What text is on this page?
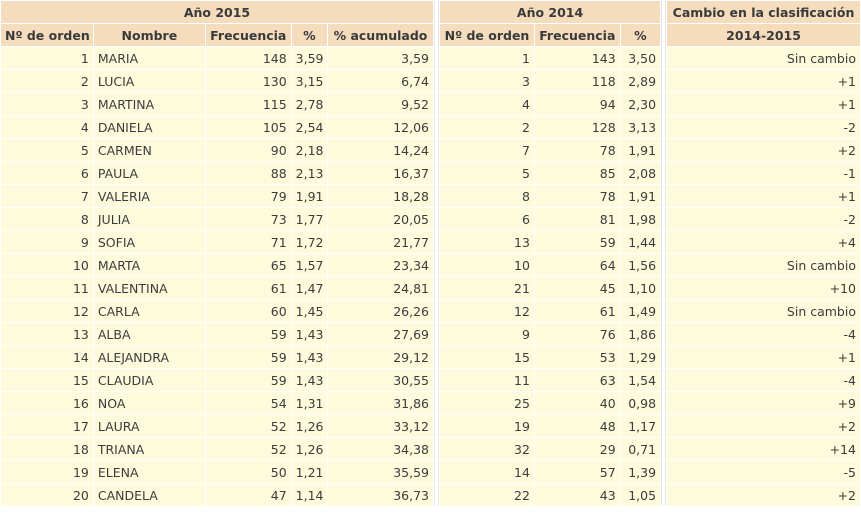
Año 2015						Año 2014				Cambio en la clasificación
Nº de orden	Nombre	Frecuencia	%	% acumulado		Nº de orden	Frecuencia	%		2014-2015
1	MARIA	148	3,59	3,59		1	143	3,50		Sin cambio
2	LUCIA	130	3,15	6,74		3	118	2,89		+1
3	MARTINA	115	2,78	9,52		4	94	2,30		+1
4	DANIELA	105	2,54	12,06		2	128	3,13		-2
5	CARMEN	90	2,18	14,24		7	78	1,91		+2
6	PAULA	88	2,13	16,37		5	85	2,08		-1
7	VALERIA	79	1,91	18,28		8	78	1,91		+1
8	JULIA	73	1,77	20,05		6	81	1,98		-2
9	SOFIA	71	1,72	21,77		13	59	1,44		+4
10	MARTA	65	1,57	23,34		10	64	1,56		Sin cambio
11	VALENTINA	61	1,47	24,81		21	45	1,10		+10
12	CARLA	60	1,45	26,26		12	61	1,49		Sin cambio
13	ALBA	59	1,43	27,69		9	76	1,86		-4
14	ALEJANDRA	59	1,43	29,12		15	53	1,29		+1
15	CLAUDIA	59	1,43	30,55		11	63	1,54		-4
16	NOA	54	1,31	31,86		25	40	0,98		+9
17	LAURA	52	1,26	33,12		19	48	1,17		+2
18	TRIANA	52	1,26	34,38		32	29	0,71		+14
19	ELENA	50	1,21	35,59		14	57	1,39		-5
20	CANDELA	47	1,14	36,73		22	43	1,05		+2
